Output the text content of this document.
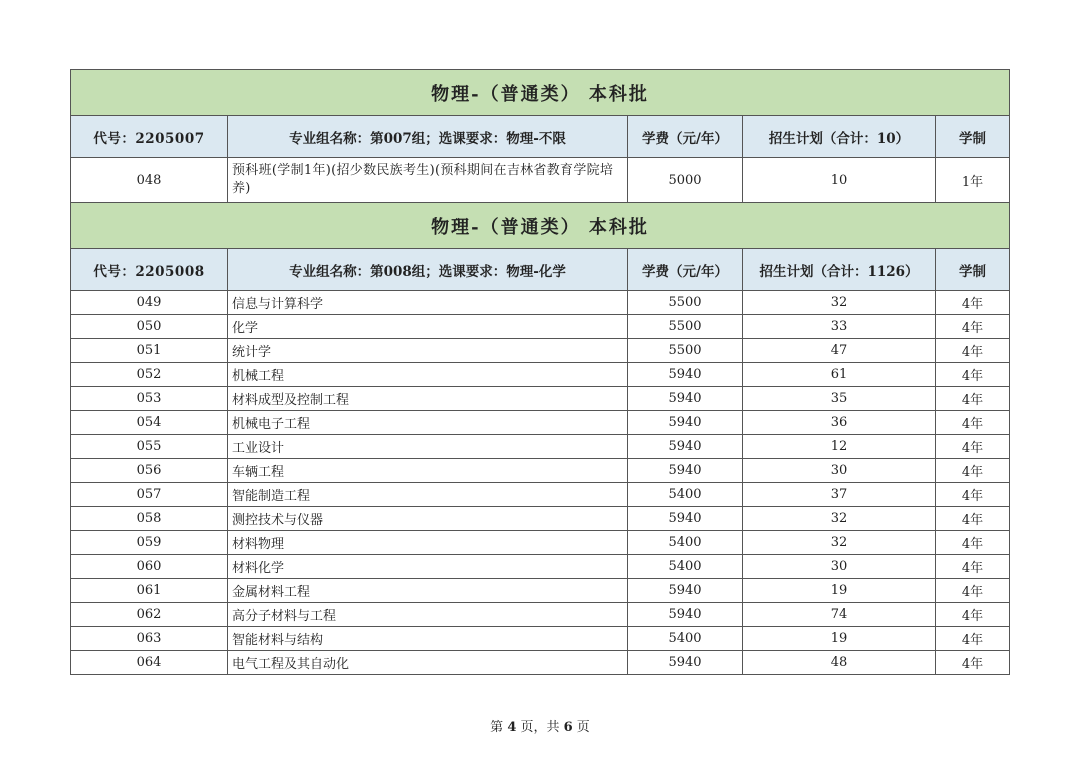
物理-（普通类） 本科批				
代号：2205007	专业组名称：第007组；选课要求：物理-不限	学费（元/年）	招生计划（合计：10）	学制
048	预科班(学制1年)(招少数民族考生)(预科期间在吉林省教育学院培养)	5000	10	1年
物理-（普通类） 本科批				
代号：2205008	专业组名称：第008组；选课要求：物理-化学	学费（元/年）	招生计划（合计：1126）	学制
049	信息与计算科学	5500	32	4年
050	化学	5500	33	4年
051	统计学	5500	47	4年
052	机械工程	5940	61	4年
053	材料成型及控制工程	5940	35	4年
054	机械电子工程	5940	36	4年
055	工业设计	5940	12	4年
056	车辆工程	5940	30	4年
057	智能制造工程	5400	37	4年
058	测控技术与仪器	5940	32	4年
059	材料物理	5400	32	4年
060	材料化学	5400	30	4年
061	金属材料工程	5940	19	4年
062	高分子材料与工程	5940	74	4年
063	智能材料与结构	5400	19	4年
064	电气工程及其自动化	5940	48	4年
第 4 页，共 6 页
